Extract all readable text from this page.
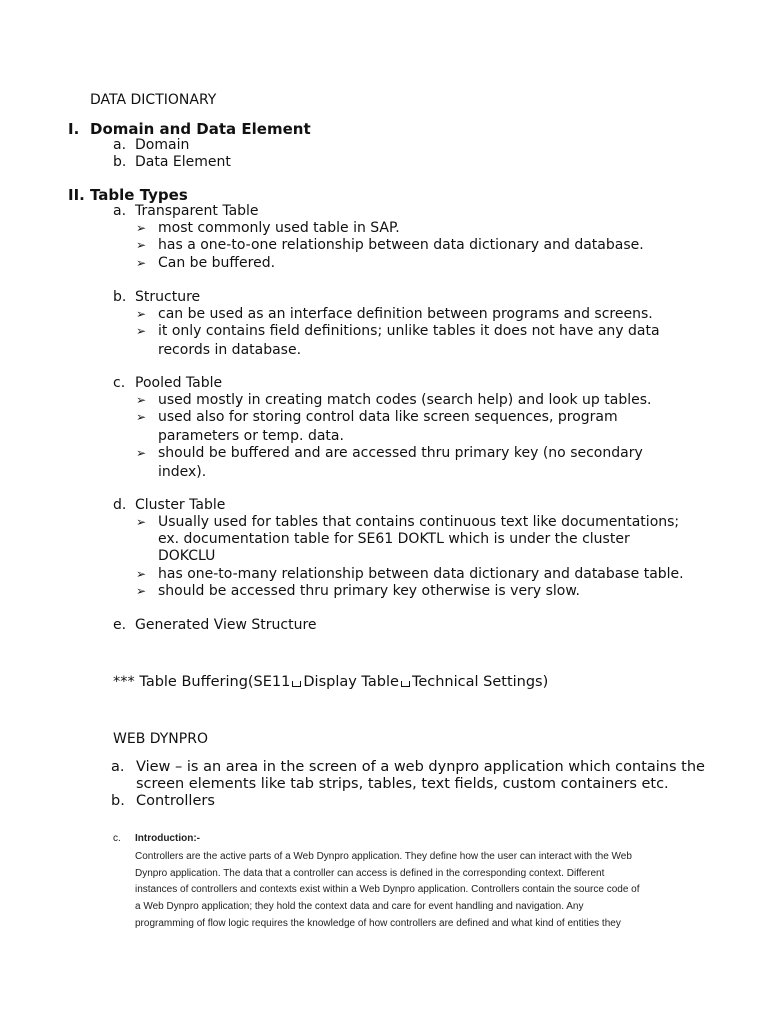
DATA DICTIONARY
I. Domain and Data Element
a. Domain
b. Data Element
II. Table Types
a. Transparent Table
➢ most commonly used table in SAP.
➢ has a one-to-one relationship between data dictionary and database.
➢ Can be buffered.
b. Structure
➢ can be used as an interface definition between programs and screens.
➢ it only contains field definitions; unlike tables it does not have any data
records in database.
c. Pooled Table
➢ used mostly in creating match codes (search help) and look up tables.
➢ used also for storing control data like screen sequences, program
parameters or temp. data.
➢ should be buffered and are accessed thru primary key (no secondary
index).
d. Cluster Table
➢ Usually used for tables that contains continuous text like documentations;
ex. documentation table for SE61 DOKTL which is under the cluster
DOKCLU
➢ has one-to-many relationship between data dictionary and database table.
➢ should be accessed thru primary key otherwise is very slow.
e. Generated View Structure
*** Table Buffering(SE11 Display Table Technical Settings)
WEB DYNPRO
a. View – is an area in the screen of a web dynpro application which contains the
screen elements like tab strips, tables, text fields, custom containers etc.
b. Controllers
c. Introduction:-
Controllers are the active parts of a Web Dynpro application. They define how the user can interact with the Web
Dynpro application. The data that a controller can access is defined in the corresponding context. Different
instances of controllers and contexts exist within a Web Dynpro application. Controllers contain the source code of
a Web Dynpro application; they hold the context data and care for event handling and navigation. Any
programming of flow logic requires the knowledge of how controllers are defined and what kind of entities they
